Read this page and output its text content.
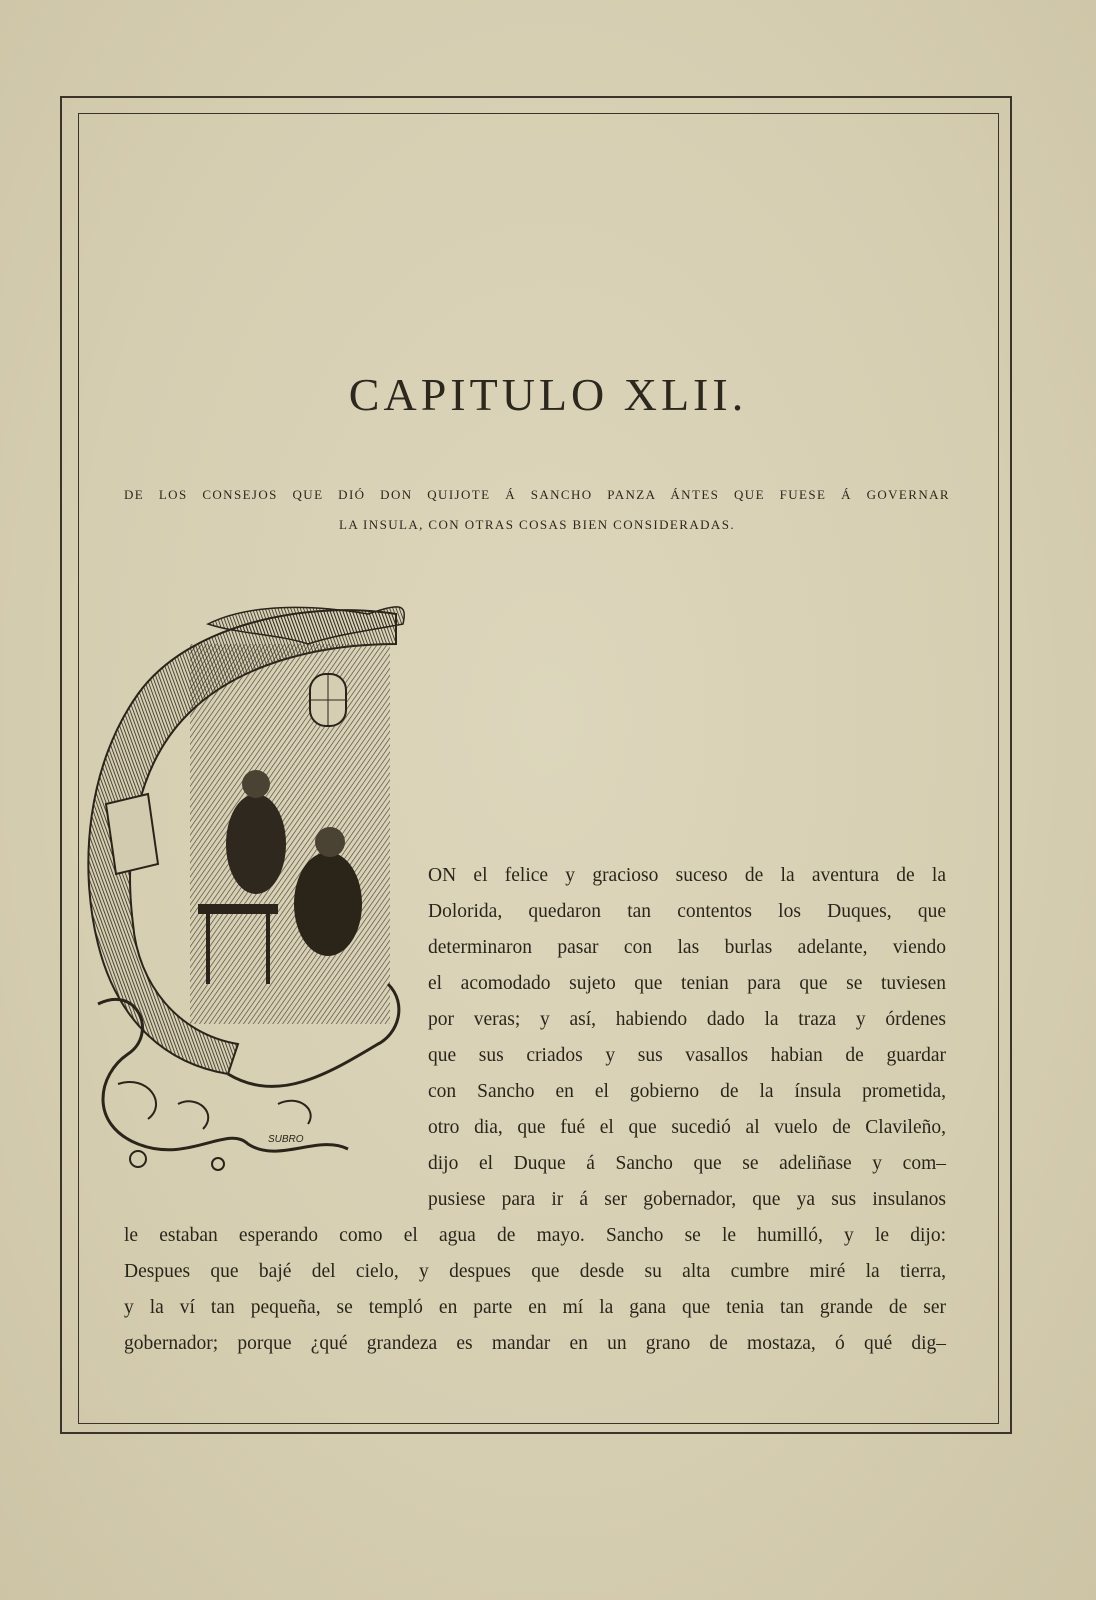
CAPITULO XLII.
DE LOS CONSEJOS QUE DIÓ DON QUIJOTE Á SANCHO PANZA ÁNTES QUE FUESE Á GOVERNAR
LA INSULA, CON OTRAS COSAS BIEN CONSIDERADAS.
SUBRO
ON el felice y gracioso suceso de la aventura de la
Dolorida, quedaron tan contentos los Duques, que
determinaron pasar con las burlas adelante, viendo
el acomodado sujeto que tenian para que se tuviesen
por veras; y así, habiendo dado la traza y órdenes
que sus criados y sus vasallos habian de guardar
con Sancho en el gobierno de la ínsula prometida,
otro dia, que fué el que sucedió al vuelo de Clavileño,
dijo el Duque á Sancho que se adeliñase y com–
pusiese para ir á ser gobernador, que ya sus insulanos
le estaban esperando como el agua de mayo. Sancho se le humilló, y le dijo:
Despues que bajé del cielo, y despues que desde su alta cumbre miré la tierra,
y la ví tan pequeña, se templó en parte en mí la gana que tenia tan grande de ser
gobernador; porque ¿qué grandeza es mandar en un grano de mostaza, ó qué dig–
